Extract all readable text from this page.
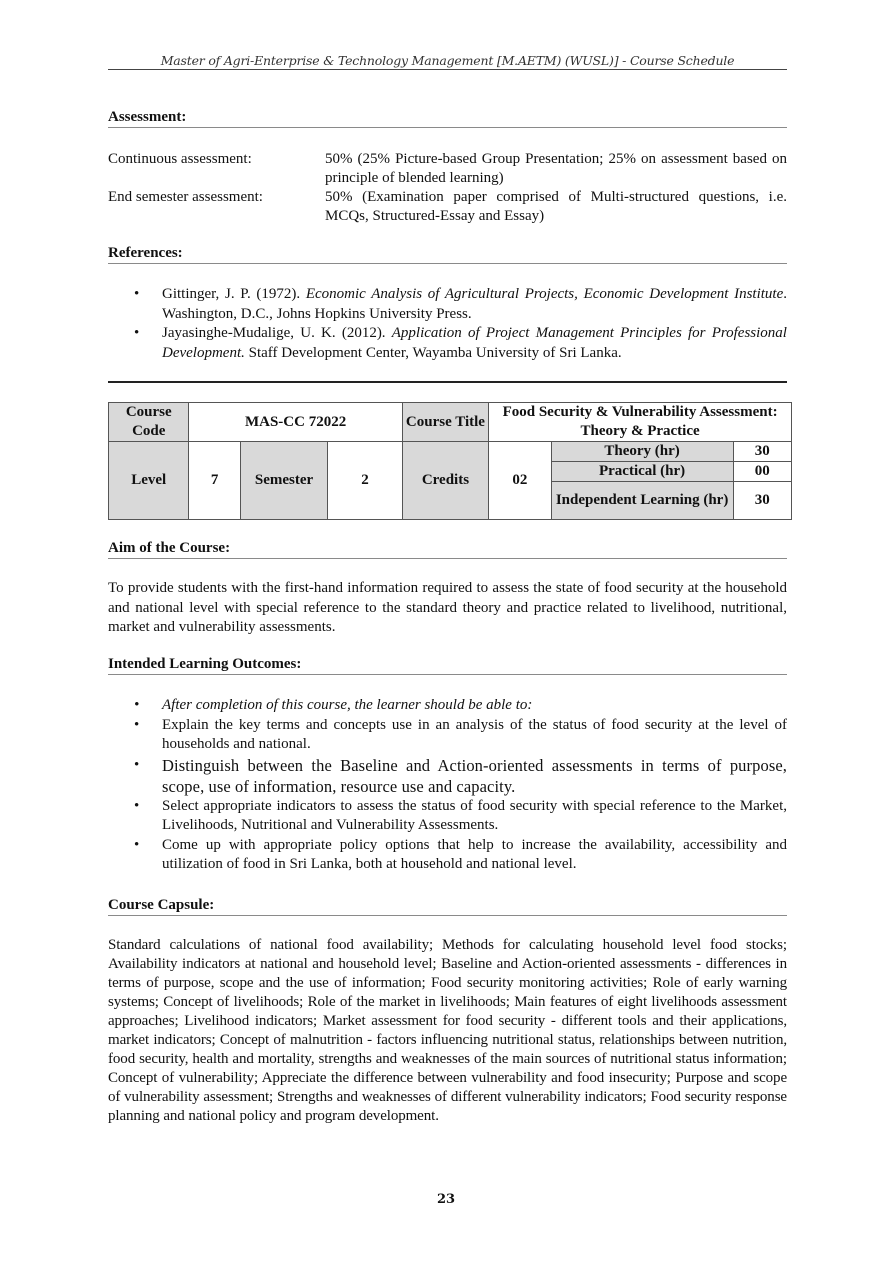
Master of Agri-Enterprise & Technology Management [M.AETM) (WUSL)] - Course Schedule
Assessment:
Continuous assessment:	50% (25% Picture-based Group Presentation; 25% on assessment based on principle of blended learning)
End semester assessment:	50% (Examination paper comprised of Multi-structured questions, i.e. MCQs, Structured-Essay and Essay)
References:
• Gittinger, J. P. (1972). Economic Analysis of Agricultural Projects, Economic Development Institute. Washington, D.C., Johns Hopkins University Press.
• Jayasinghe-Mudalige, U. K. (2012). Application of Project Management Principles for Professional Development. Staff Development Center, Wayamba University of Sri Lanka.
Course Code	MAS-CC 72022			Course Title	Food Security & Vulnerability Assessment: Theory & Practice		
Level	7	Semester	2	Credits	02	Theory (hr)	30
						Practical (hr)	00
						Independent Learning (hr)	30
Aim of the Course:

To provide students with the first-hand information required to assess the state of food security at the household and national level with special reference to the standard theory and practice related to livelihood, nutritional, market and vulnerability assessments.

Intended Learning Outcomes:
• After completion of this course, the learner should be able to:
• Explain the key terms and concepts use in an analysis of the status of food security at the level of households and national.
• Distinguish between the Baseline and Action-oriented assessments in terms of purpose, scope, use of information, resource use and capacity.
• Select appropriate indicators to assess the status of food security with special reference to the Market, Livelihoods, Nutritional and Vulnerability Assessments.
• Come up with appropriate policy options that help to increase the availability, accessibility and utilization of food in Sri Lanka, both at household and national level.
Course Capsule:

Standard calculations of national food availability; Methods for calculating household level food stocks; Availability indicators at national and household level; Baseline and Action-oriented assessments - differences in terms of purpose, scope and the use of information; Food security monitoring activities; Role of early warning systems; Concept of livelihoods; Role of the market in livelihoods; Main features of eight livelihoods assessment approaches; Livelihood indicators; Market assessment for food security - different tools and their applications, market indicators; Concept of malnutrition - factors influencing nutritional status, relationships between nutrition, food security, health and mortality, strengths and weaknesses of the main sources of nutritional status information; Concept of vulnerability; Appreciate the difference between vulnerability and food insecurity; Purpose and scope of vulnerability assessment; Strengths and weaknesses of different vulnerability indicators; Food security response planning and national policy and program development.

23
